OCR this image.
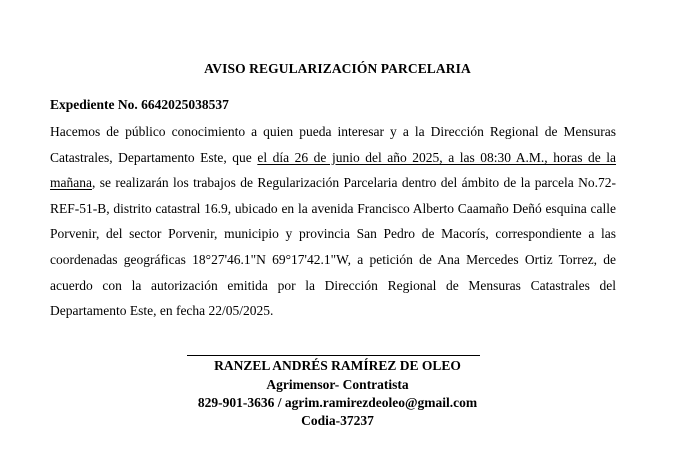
AVISO REGULARIZACIÓN PARCELARIA
Expediente No. 6642025038537
Hacemos de público conocimiento a quien pueda interesar y a la Dirección Regional de Mensuras Catastrales, Departamento Este, que el día 26 de junio del año 2025, a las 08:30 A.M., horas de la mañana, se realizarán los trabajos de Regularización Parcelaria dentro del ámbito de la parcela No.72-REF-51-B, distrito catastral 16.9, ubicado en la avenida Francisco Alberto Caamaño Deñó esquina calle Porvenir, del sector Porvenir, municipio y provincia San Pedro de Macorís, correspondiente a las coordenadas geográficas 18°27'46.1"N 69°17'42.1"W, a petición de Ana Mercedes Ortiz Torrez, de acuerdo con la autorización emitida por la Dirección Regional de Mensuras Catastrales del Departamento Este, en fecha 22/05/2025.
RANZEL ANDRÉS RAMÍREZ DE OLEO
Agrimensor- Contratista
829-901-3636 / agrim.ramirezdeoleo@gmail.com
Codia-37237
